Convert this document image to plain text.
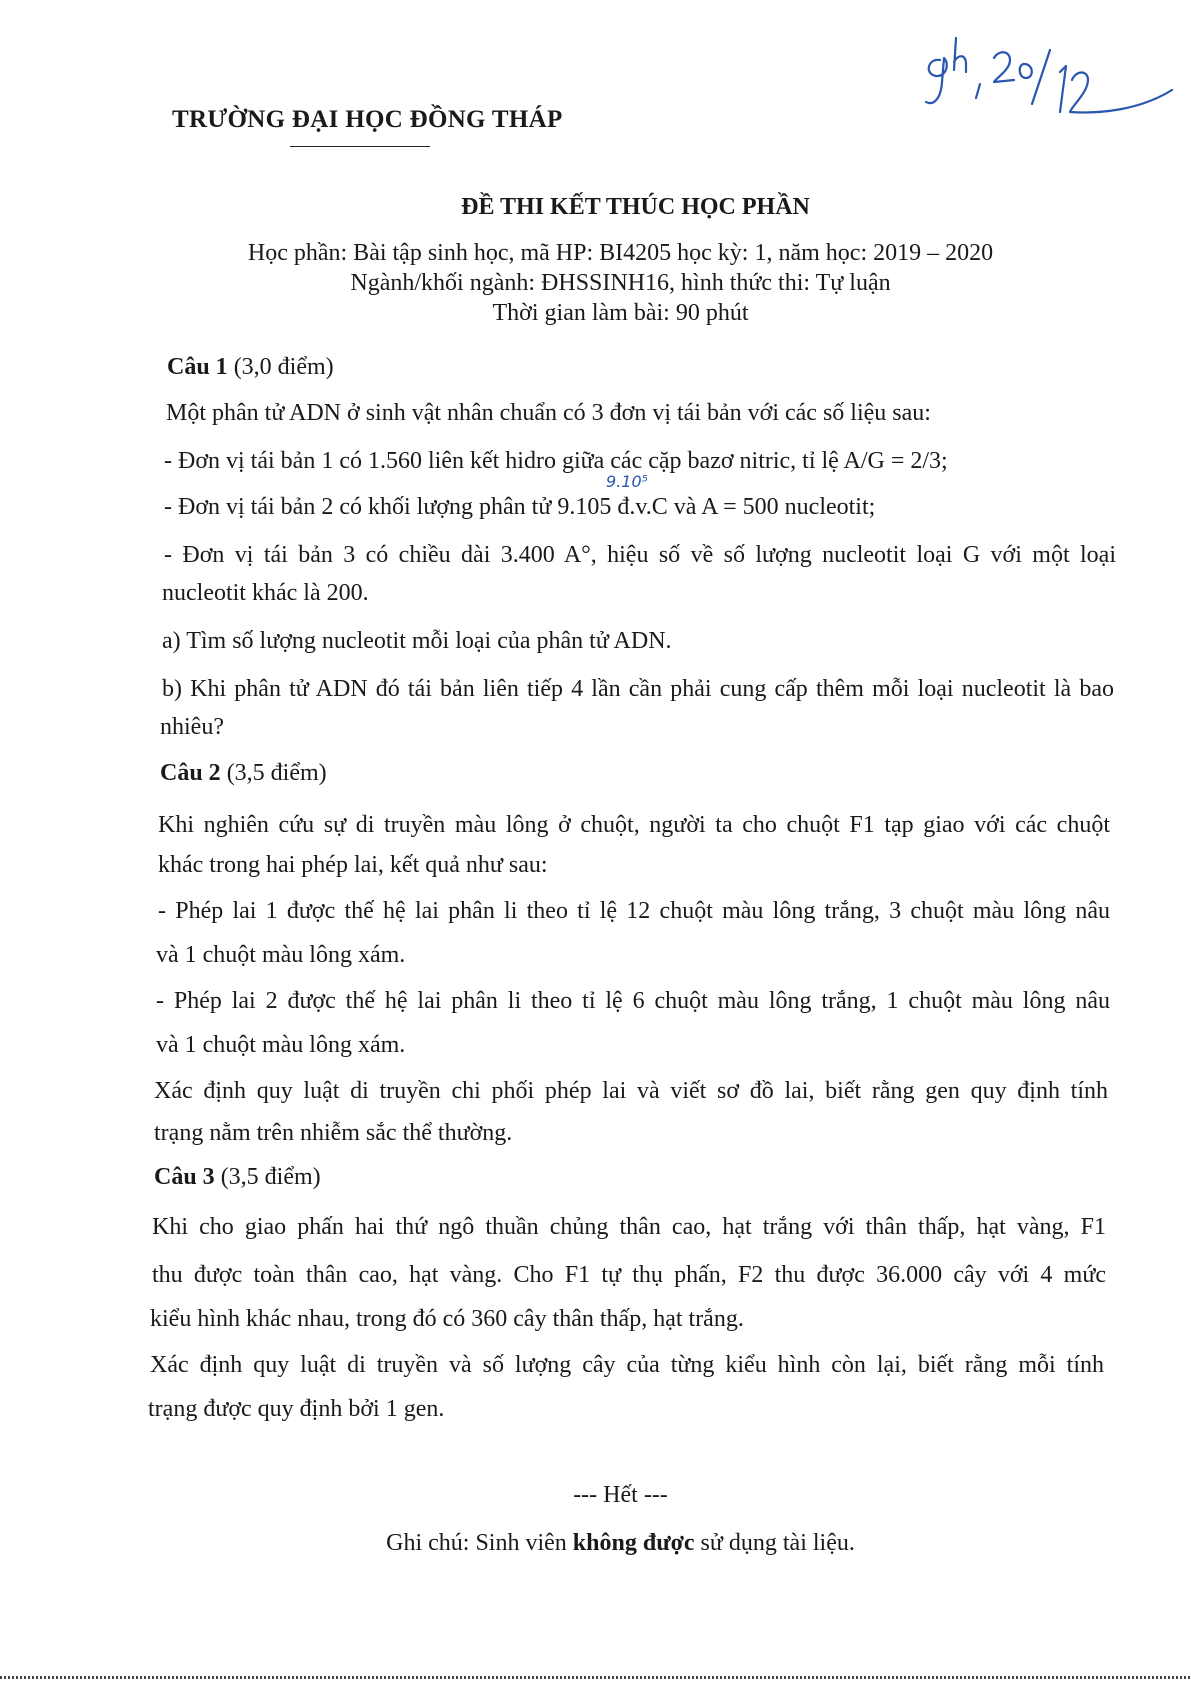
TRƯỜNG ĐẠI HỌC ĐỒNG THÁP
ĐỀ THI KẾT THÚC HỌC PHẦN
Học phần: Bài tập sinh học, mã HP: BI4205 học kỳ: 1, năm học: 2019 – 2020
Ngành/khối ngành: ĐHSSINH16, hình thức thi: Tự luận
Thời gian làm bài: 90 phút
Câu 1 (3,0 điểm)
Một phân tử ADN ở sinh vật nhân chuẩn có 3 đơn vị tái bản với các số liệu sau:
- Đơn vị tái bản 1 có 1.560 liên kết hidro giữa các cặp bazơ nitric, tỉ lệ A/G = 2/3;
9.10⁵
- Đơn vị tái bản 2 có khối lượng phân tử 9.105 đ.v.C và A = 500 nucleotit;
- Đơn vị tái bản 3 có chiều dài 3.400 A°, hiệu số về số lượng nucleotit loại G với một loại
nucleotit khác là 200.
a) Tìm số lượng nucleotit mỗi loại của phân tử ADN.
b) Khi phân tử ADN đó tái bản liên tiếp 4 lần cần phải cung cấp thêm mỗi loại nucleotit là bao
nhiêu?
Câu 2 (3,5 điểm)
Khi nghiên cứu sự di truyền màu lông ở chuột, người ta cho chuột F1 tạp giao với các chuột
khác trong hai phép lai, kết quả như sau:
- Phép lai 1 được thế hệ lai phân li theo tỉ lệ 12 chuột màu lông trắng, 3 chuột màu lông nâu
và 1 chuột màu lông xám.
- Phép lai 2 được thế hệ lai phân li theo tỉ lệ 6 chuột màu lông trắng, 1 chuột màu lông nâu
và 1 chuột màu lông xám.
Xác định quy luật di truyền chi phối phép lai và viết sơ đồ lai, biết rằng gen quy định tính
trạng nằm trên nhiễm sắc thể thường.
Câu 3 (3,5 điểm)
Khi cho giao phấn hai thứ ngô thuần chủng thân cao, hạt trắng với thân thấp, hạt vàng, F1
thu được toàn thân cao, hạt vàng. Cho F1 tự thụ phấn, F2 thu được 36.000 cây với 4 mức
kiểu hình khác nhau, trong đó có 360 cây thân thấp, hạt trắng.
Xác định quy luật di truyền và số lượng cây của từng kiểu hình còn lại, biết rằng mỗi tính
trạng được quy định bởi 1 gen.
--- Hết ---
Ghi chú: Sinh viên không được sử dụng tài liệu.
